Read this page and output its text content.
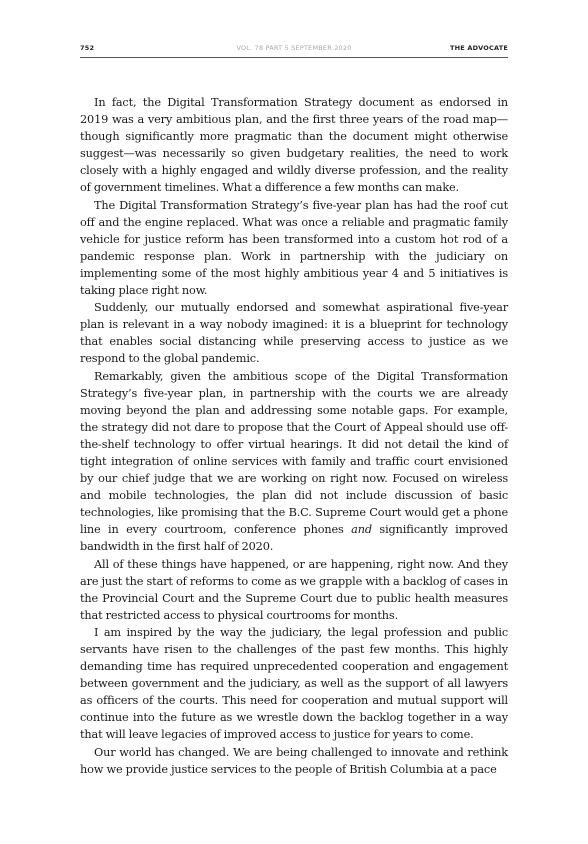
752	VOL. 78 PART 5 SEPTEMBER 2020	THE ADVOCATE

In fact, the Digital Transformation Strategy document as endorsed in 2019 was a very ambitious plan, and the first three years of the road map—though significantly more pragmatic than the document might otherwise suggest—was necessarily so given budgetary realities, the need to work closely with a highly engaged and wildly diverse profession, and the reality of government timelines. What a difference a few months can make.

The Digital Transformation Strategy’s five-year plan has had the roof cut off and the engine replaced. What was once a reliable and pragmatic family vehicle for justice reform has been transformed into a custom hot rod of a pandemic response plan. Work in partnership with the judiciary on implementing some of the most highly ambitious year 4 and 5 initiatives is taking place right now.

Suddenly, our mutually endorsed and somewhat aspirational five-year plan is relevant in a way nobody imagined: it is a blueprint for technology that enables social distancing while preserving access to justice as we respond to the global pandemic.

Remarkably, given the ambitious scope of the Digital Transformation Strategy’s five-year plan, in partnership with the courts we are already moving beyond the plan and addressing some notable gaps. For example, the strategy did not dare to propose that the Court of Appeal should use off-the-shelf technology to offer virtual hearings. It did not detail the kind of tight integration of online services with family and traffic court envisioned by our chief judge that we are working on right now. Focused on wireless and mobile technologies, the plan did not include discussion of basic technologies, like promising that the B.C. Supreme Court would get a phone line in every courtroom, conference phones and significantly improved bandwidth in the first half of 2020.

All of these things have happened, or are happening, right now. And they are just the start of reforms to come as we grapple with a backlog of cases in the Provincial Court and the Supreme Court due to public health measures that restricted access to physical courtrooms for months.

I am inspired by the way the judiciary, the legal profession and public servants have risen to the challenges of the past few months. This highly demanding time has required unprecedented cooperation and engagement between government and the judiciary, as well as the support of all lawyers as officers of the courts. This need for cooperation and mutual support will continue into the future as we wrestle down the backlog together in a way that will leave legacies of improved access to justice for years to come.

Our world has changed. We are being challenged to innovate and rethink how we provide justice services to the people of British Columbia at a pace
